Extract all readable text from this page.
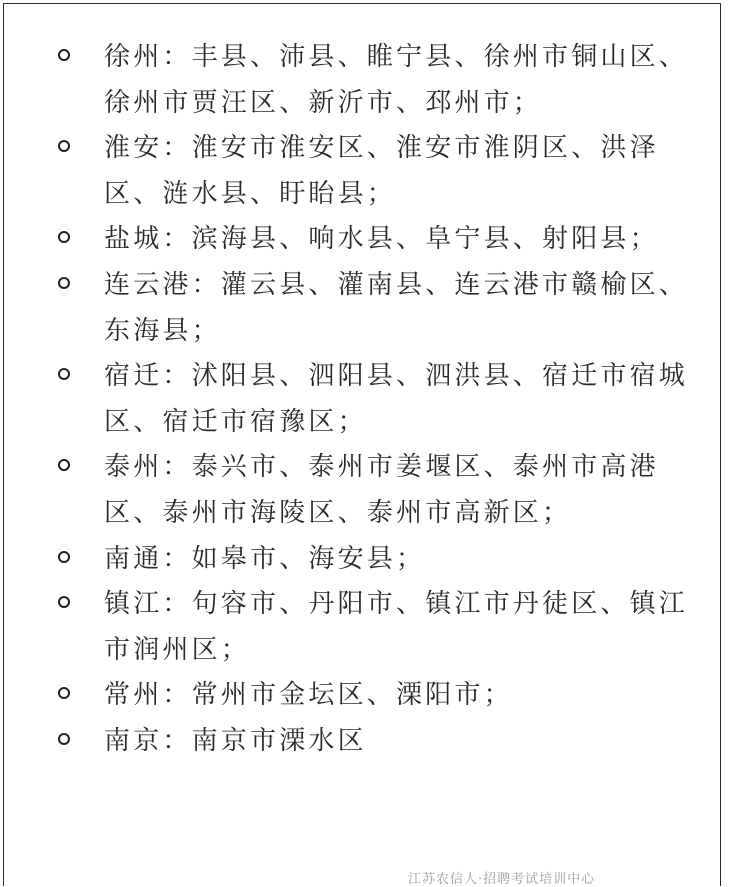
徐州：丰县、沛县、睢宁县、徐州市铜山区、徐州市贾汪区、新沂市、邳州市；
淮安：淮安市淮安区、淮安市淮阴区、洪泽区、涟水县、盱眙县；
盐城：滨海县、响水县、阜宁县、射阳县；
连云港：灌云县、灌南县、连云港市赣榆区、东海县；
宿迁：沭阳县、泗阳县、泗洪县、宿迁市宿城区、宿迁市宿豫区；
泰州：泰兴市、泰州市姜堰区、泰州市高港区、泰州市海陵区、泰州市高新区；
南通：如皋市、海安县；
镇江：句容市、丹阳市、镇江市丹徒区、镇江市润州区；
常州：常州市金坛区、溧阳市；
南京：南京市溧水区
江苏农信人·招聘考试培训中心
